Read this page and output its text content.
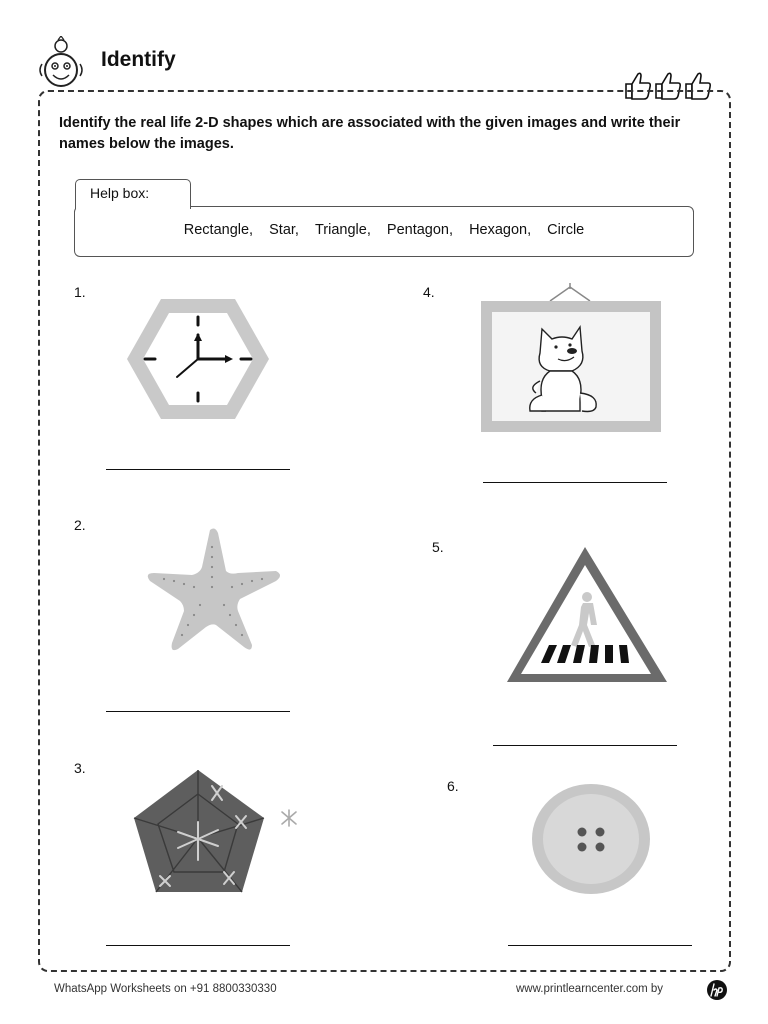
Identify
Identify the real life 2-D shapes which are associated with the given images and write their names below the images.
Help box:
Rectangle, Star, Triangle, Pentagon, Hexagon, Circle
1.
2.
3.
4.
5.
6.
WhatsApp Worksheets on +91 8800330330	www.printlearncenter.com by
